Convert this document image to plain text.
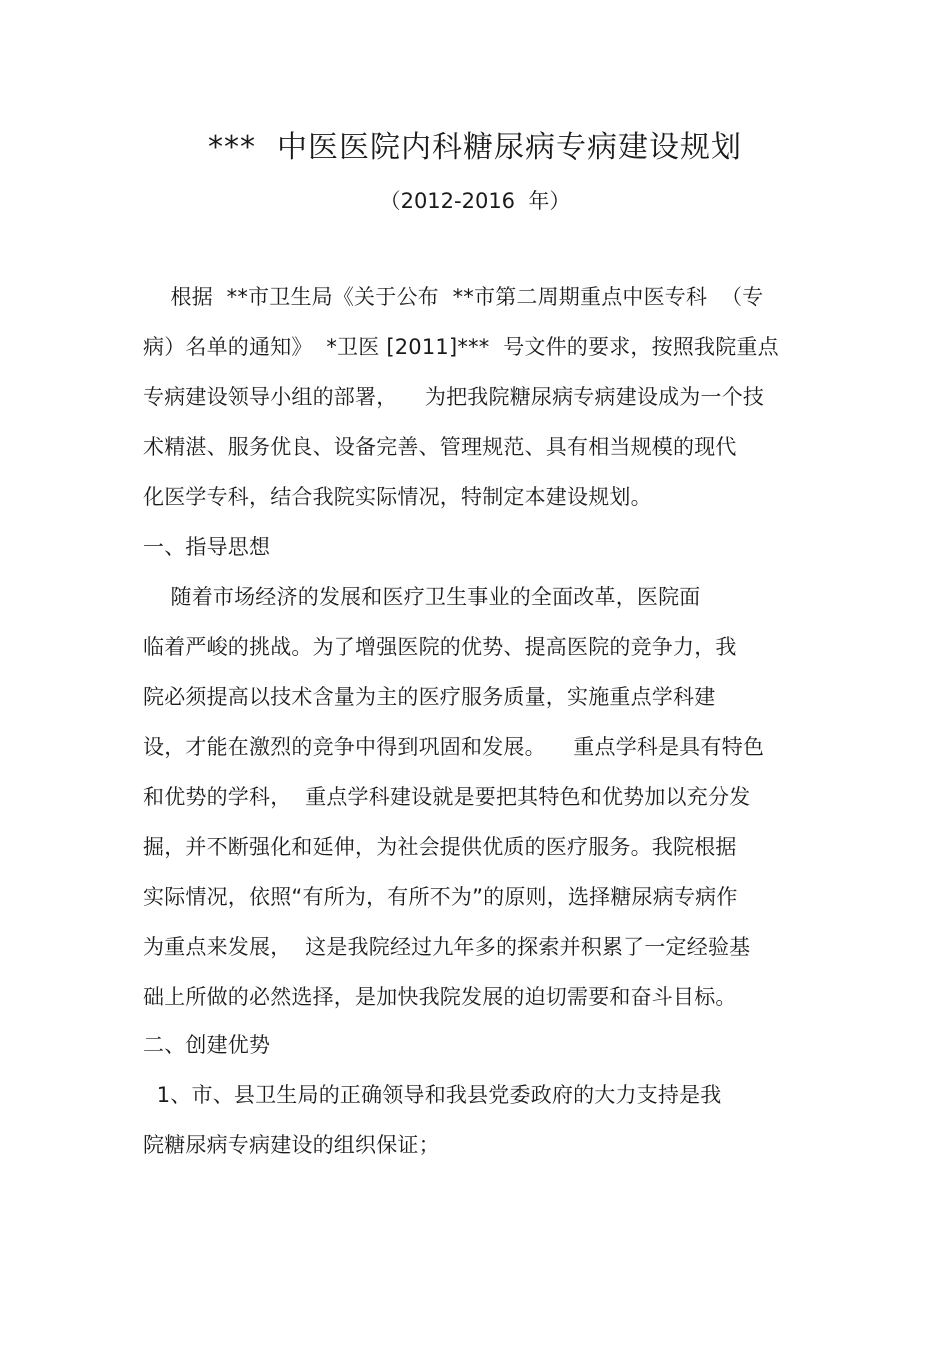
***  中医医院内科糖尿病专病建设规划
（2012-2016  年）
根据  **市卫生局《关于公布  **市第二周期重点中医专科  （专
病）名单的通知》  *卫医 [2011]***  号文件的要求，按照我院重点
专病建设领导小组的部署，    为把我院糖尿病专病建设成为一个技
术精湛、服务优良、设备完善、管理规范、具有相当规模的现代
化医学专科，结合我院实际情况，特制定本建设规划。
一、指导思想
随着市场经济的发展和医疗卫生事业的全面改革，医院面
临着严峻的挑战。为了增强医院的优势、提高医院的竞争力，我
院必须提高以技术含量为主的医疗服务质量，实施重点学科建
设，才能在激烈的竞争中得到巩固和发展。    重点学科是具有特色
和优势的学科，  重点学科建设就是要把其特色和优势加以充分发
掘，并不断强化和延伸，为社会提供优质的医疗服务。我院根据
实际情况，依照“有所为，有所不为”的原则，选择糖尿病专病作
为重点来发展，  这是我院经过九年多的探索并积累了一定经验基
础上所做的必然选择，是加快我院发展的迫切需要和奋斗目标。
二、创建优势
1、市、县卫生局的正确领导和我县党委政府的大力支持是我
院糖尿病专病建设的组织保证；
